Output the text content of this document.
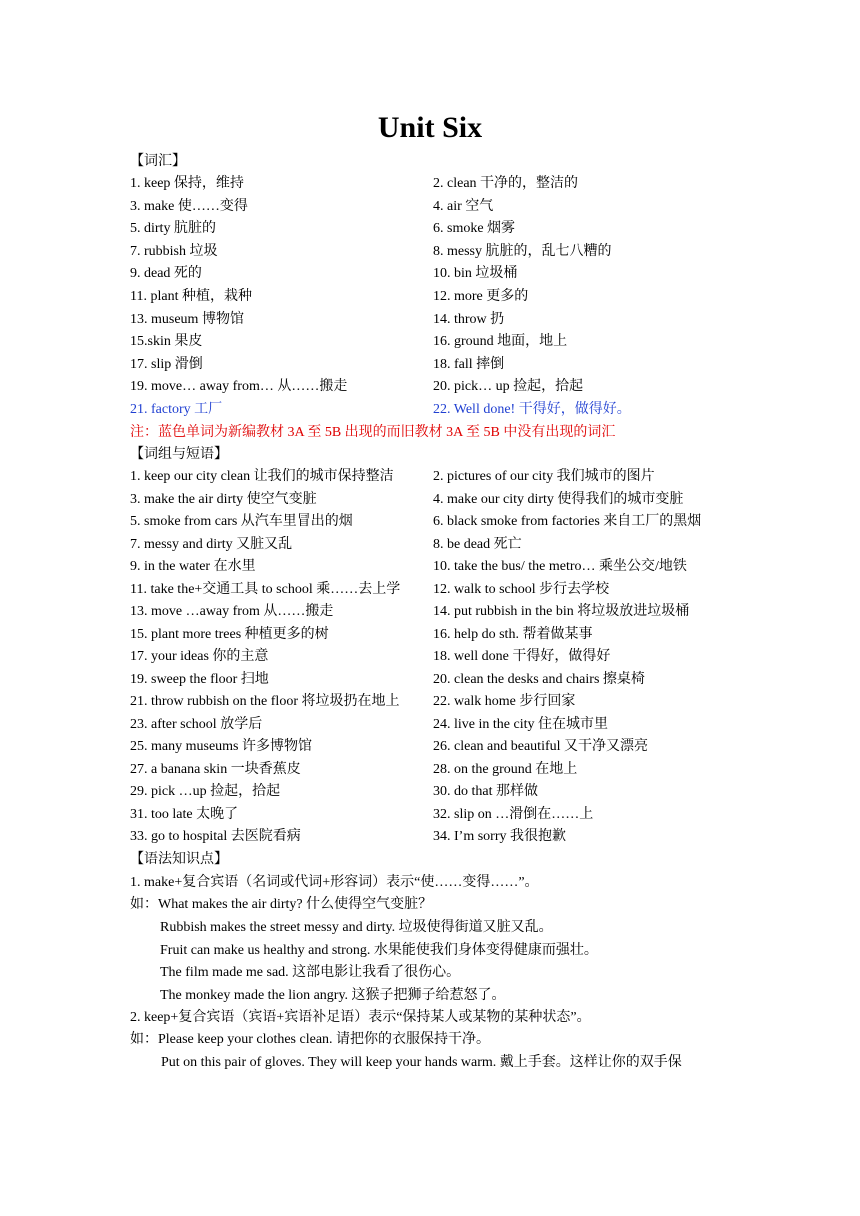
Unit Six
【词汇】
1. keep 保持，维持	2. clean 干净的，整洁的
3. make 使……变得	4. air 空气
5. dirty 肮脏的	6. smoke 烟雾
7. rubbish 垃圾	8. messy 肮脏的，乱七八糟的
9. dead 死的	10. bin 垃圾桶
11. plant 种植，栽种	12. more 更多的
13. museum 博物馆	14. throw 扔
15.skin 果皮	16. ground 地面，地上
17. slip 滑倒	18. fall 摔倒
19. move… away from… 从……搬走	20. pick… up 捡起，拾起
21. factory 工厂	22. Well done! 干得好，做得好。
注：蓝色单词为新编教材 3A 至 5B 出现的而旧教材 3A 至 5B 中没有出现的词汇
【词组与短语】
1. keep our city clean 让我们的城市保持整洁	2. pictures of our city 我们城市的图片
3. make the air dirty 使空气变脏	4. make our city dirty 使得我们的城市变脏
5. smoke from cars 从汽车里冒出的烟	6. black smoke from factories 来自工厂的黑烟
7. messy and dirty 又脏又乱	8. be dead 死亡
9. in the water 在水里	10. take the bus/ the metro… 乘坐公交/地铁
11. take the+交通工具 to school 乘……去上学 12. walk to school 步行去学校
13. move …away from 从……搬走	14. put rubbish in the bin 将垃圾放进垃圾桶
15. plant more trees 种植更多的树	16. help do sth. 帮着做某事
17. your ideas 你的主意	18. well done 干得好，做得好
19. sweep the floor 扫地	20. clean the desks and chairs 擦桌椅
21. throw rubbish on the floor 将垃圾扔在地上 22. walk home 步行回家
23. after school 放学后	24. live in the city 住在城市里
25. many museums 许多博物馆	26. clean and beautiful 又干净又漂亮
27. a banana skin 一块香蕉皮	28. on the ground 在地上
29. pick …up 捡起，拾起	30. do that 那样做
31. too late 太晚了	32. slip on …滑倒在……上
33. go to hospital 去医院看病	34. I’m sorry 我很抱歉
【语法知识点】
1. make+复合宾语（名词或代词+形容词）表示“使……变得……”。
如：What makes the air dirty? 什么使得空气变脏？
Rubbish makes the street messy and dirty. 垃圾使得街道又脏又乱。
Fruit can make us healthy and strong. 水果能使我们身体变得健康而强壮。
The film made me sad. 这部电影让我看了很伤心。
The monkey made the lion angry. 这猴子把狮子给惹怒了。
2. keep+复合宾语（宾语+宾语补足语）表示“保持某人或某物的某种状态”。
如：Please keep your clothes clean. 请把你的衣服保持干净。
Put on this pair of gloves. They will keep your hands warm. 戴上手套。这样让你的双手保
